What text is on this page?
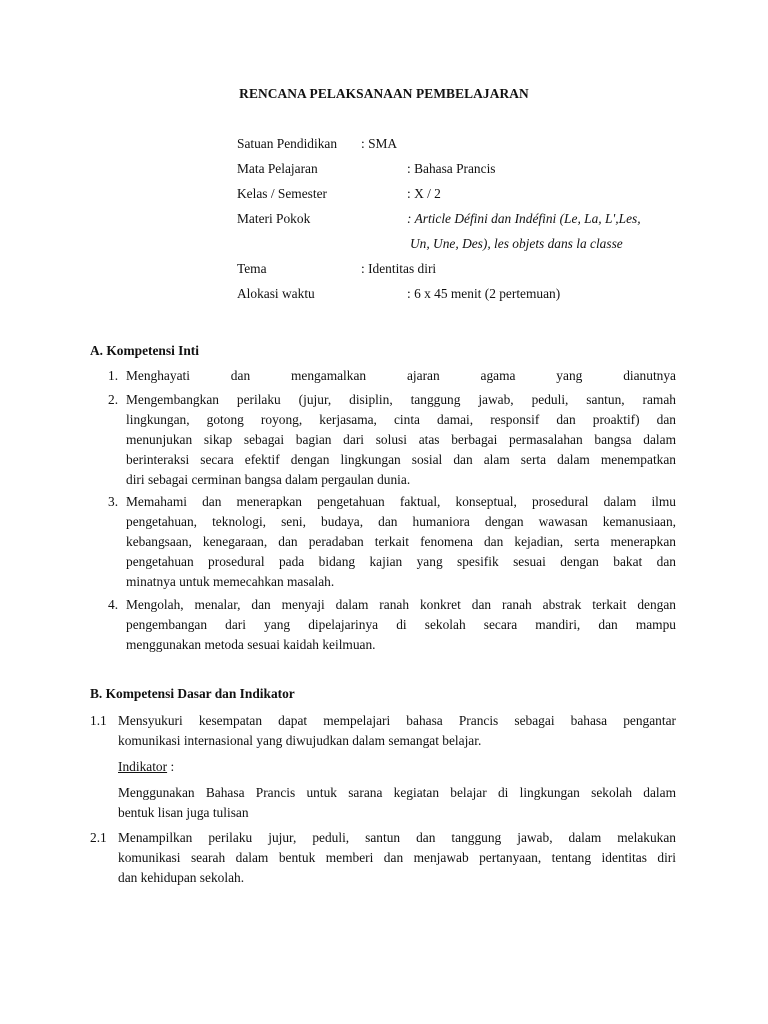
RENCANA PELAKSANAAN PEMBELAJARAN
Satuan Pendidikan : SMA
Mata Pelajaran	: Bahasa Prancis
Kelas / Semester	: X / 2
Materi Pokok	: Article Défini dan Indéfini (Le, La, L',Les,
Un, Une, Des), les objets dans la classe
Tema	: Identitas diri
Alokasi waktu	: 6 x 45 menit (2 pertemuan)
A. Kompetensi Inti
1. Menghayati dan mengamalkan ajaran agama yang dianutnya
2. Mengembangkan perilaku (jujur, disiplin, tanggung jawab, peduli, santun, ramah
lingkungan, gotong royong, kerjasama, cinta damai, responsif dan proaktif) dan
menunjukan sikap sebagai bagian dari solusi atas berbagai permasalahan bangsa dalam
berinteraksi secara efektif dengan lingkungan sosial dan alam serta dalam menempatkan
diri sebagai cerminan bangsa dalam pergaulan dunia.
3. Memahami dan menerapkan pengetahuan faktual, konseptual, prosedural dalam ilmu
pengetahuan, teknologi, seni, budaya, dan humaniora dengan wawasan kemanusiaan,
kebangsaan, kenegaraan, dan peradaban terkait fenomena dan kejadian, serta menerapkan
pengetahuan prosedural pada bidang kajian yang spesifik sesuai dengan bakat dan
minatnya untuk memecahkan masalah.
4. Mengolah, menalar, dan menyaji dalam ranah konkret dan ranah abstrak terkait dengan
pengembangan dari yang dipelajarinya di sekolah secara mandiri, dan mampu
menggunakan metoda sesuai kaidah keilmuan.
B. Kompetensi Dasar dan Indikator
1.1 Mensyukuri kesempatan dapat mempelajari bahasa Prancis sebagai bahasa pengantar
komunikasi internasional yang diwujudkan dalam semangat belajar.
Indikator :
Menggunakan Bahasa Prancis untuk sarana kegiatan belajar di lingkungan sekolah dalam
bentuk lisan juga tulisan
2.1 Menampilkan perilaku jujur, peduli, santun dan tanggung jawab, dalam melakukan
komunikasi searah dalam bentuk memberi dan menjawab pertanyaan, tentang identitas diri
dan kehidupan sekolah.
